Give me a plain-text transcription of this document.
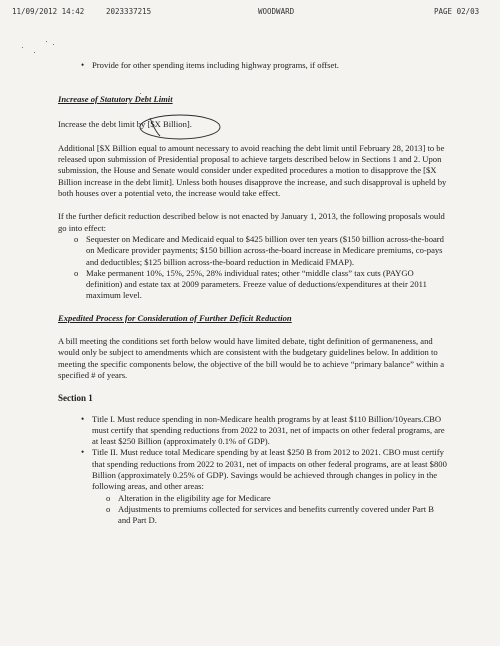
11/09/2012 14:42	2023337215	WOODWARD	PAGE 02/03

• Provide for other spending items including highway programs, if offset.

Increase of Statutory Debt Limit

Increase the debt limit by [$X Billion].

Additional [$X Billion equal to amount necessary to avoid reaching the debt limit until February 28, 2013] to be released upon submission of Presidential proposal to achieve targets described below in Sections 1 and 2. Upon submission, the House and Senate would consider under expedited procedures a motion to disapprove the [$X Billion increase in the debt limit]. Unless both houses disapprove the increase, and such disapproval is upheld by both houses over a potential veto, the increase would take effect.

If the further deficit reduction described below is not enacted by January 1, 2013, the following proposals would go into effect:

o Sequester on Medicare and Medicaid equal to $425 billion over ten years ($150 billion across-the-board on Medicare provider payments; $150 billion across-the-board increase in Medicare premiums, co-pays and deductibles; $125 billion across-the-board reduction in Medicaid FMAP).
o Make permanent 10%, 15%, 25%, 28% individual rates; other “middle class” tax cuts (PAYGO definition) and estate tax at 2009 parameters. Freeze value of deductions/expenditures at their 2011 maximum level.

Expedited Process for Consideration of Further Deficit Reduction

A bill meeting the conditions set forth below would have limited debate, tight definition of germaneness, and would only be subject to amendments which are consistent with the budgetary guidelines below. In addition to meeting the specific components below, the objective of the bill would be to achieve “primary balance” within a specified # of years.

Section 1

• Title I. Must reduce spending in non-Medicare health programs by at least $110 Billion/10years.CBO must certify that spending reductions from 2022 to 2031, net of impacts on other federal programs, are at least $250 Billion (approximately 0.1% of GDP).

• Title II. Must reduce total Medicare spending by at least $250 B from 2012 to 2021. CBO must certify that spending reductions from 2022 to 2031, net of impacts on other federal programs, are at least $800 Billion (approximately 0.25% of GDP). Savings would be achieved through changes in policy in the following areas, and other areas:

o Alteration in the eligibility age for Medicare

o Adjustments to premiums collected for services and benefits currently covered under Part B and Part D.
